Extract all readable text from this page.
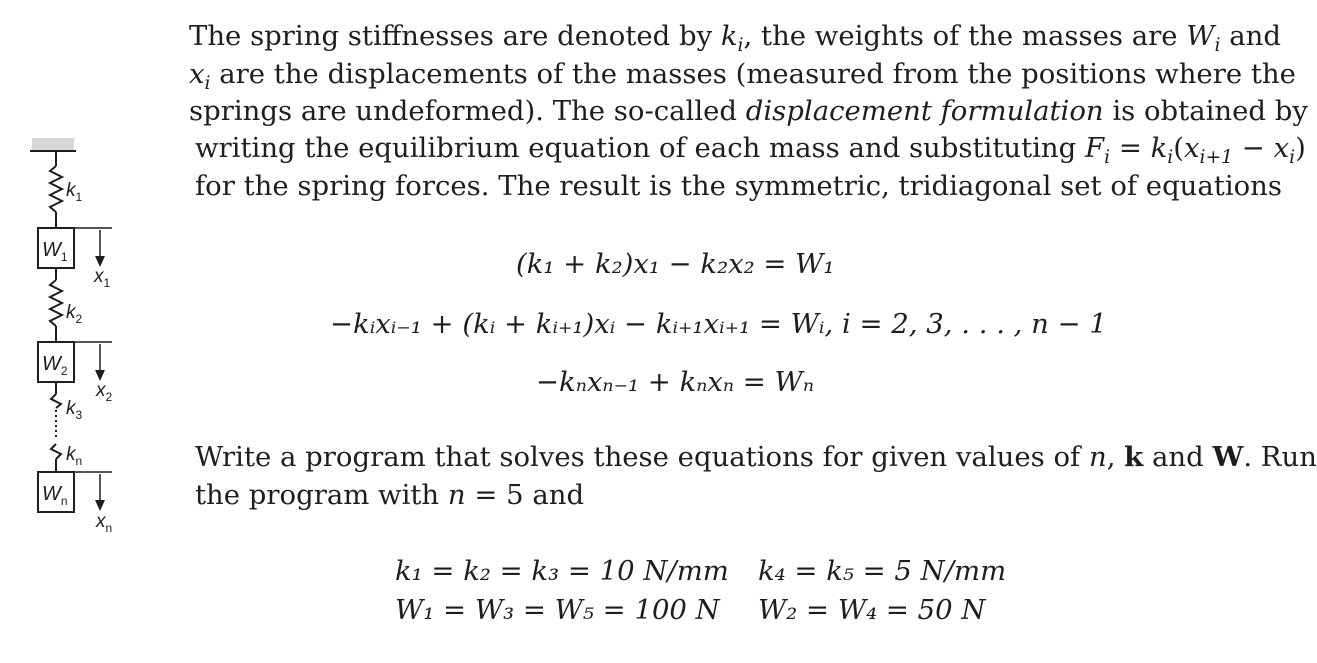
$k_1$
$W_1$
$x_1$
$k_2$
$W_2$
$x_2$
$k_3$
$k_n$
$W_n$
$x_n$
The spring stiffnesses are denoted by $k_i$, the weights of the masses are $W_i$ and
$x_i$ are the displacements of the masses (measured from the positions where the
springs are undeformed). The so-called displacement formulation is obtained by
writing the equilibrium equation of each mass and substituting $F_i = k_i(x_{i+1} - x_i)$
for the spring forces. The result is the symmetric, tridiagonal set of equations
(k₁ + k₂)x₁ − k₂x₂ = W₁
−kᵢxᵢ₋₁ + (kᵢ + kᵢ₊₁)xᵢ − kᵢ₊₁xᵢ₊₁ = Wᵢ, i = 2, 3, . . . , n − 1
−kₙxₙ₋₁ + kₙxₙ = Wₙ
Write a program that solves these equations for given values of n, k and W. Run
the program with n = 5 and
k₁ = k₂ = k₃ = 10 N/mm k₄ = k₅ = 5 N/mm
W₁ = W₃ = W₅ = 100 N W₂ = W₄ = 50 N
